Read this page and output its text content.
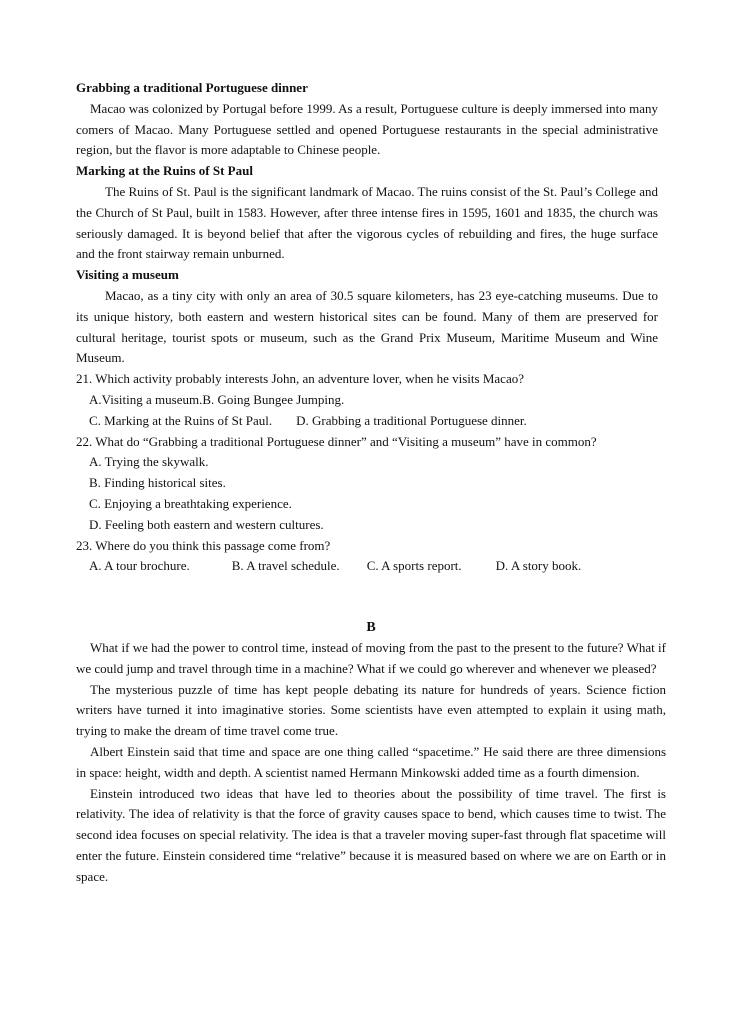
Grabbing a traditional Portuguese dinner

Macao was colonized by Portugal before 1999. As a result, Portuguese culture is deeply immersed into many comers of Macao. Many Portuguese settled and opened Portuguese restaurants in the special administrative region, but the flavor is more adaptable to Chinese people.

Marking at the Ruins of St Paul

The Ruins of St. Paul is the significant landmark of Macao. The ruins consist of the St. Paul’s College and the Church of St Paul, built in 1583. However, after three intense fires in 1595, 1601 and 1835, the church was seriously damaged. It is beyond belief that after the vigorous cycles of rebuilding and fires, the huge surface and the front stairway remain unburned.

Visiting a museum

Macao, as a tiny city with only an area of 30.5 square kilometers, has 23 eye-catching museums. Due to its unique history, both eastern and western historical sites can be found. Many of them are preserved for cultural heritage, tourist spots or museum, such as the Grand Prix Museum, Maritime Museum and Wine Museum.

21. Which activity probably interests John, an adventure lover, when he visits Macao?

A.Visiting a museum.B. Going Bungee Jumping.

C. Marking at the Ruins of St Paul. D. Grabbing a traditional Portuguese dinner.

22. What do “Grabbing a traditional Portuguese dinner” and “Visiting a museum” have in common?

A. Trying the skywalk.

B. Finding historical sites.

C. Enjoying a breathtaking experience.

D. Feeling both eastern and western cultures.

23. Where do you think this passage come from?

A. A tour brochure.	B. A travel schedule. C. A sports report.	D. A story book.

B

What if we had the power to control time, instead of moving from the past to the present to the future? What if we could jump and travel through time in a machine? What if we could go wherever and whenever we pleased?

The mysterious puzzle of time has kept people debating its nature for hundreds of years. Science fiction writers have turned it into imaginative stories. Some scientists have even attempted to explain it using math, trying to make the dream of time travel come true.

Albert Einstein said that time and space are one thing called “spacetime.” He said there are three dimensions in space: height, width and depth. A scientist named Hermann Minkowski added time as a fourth dimension.

Einstein introduced two ideas that have led to theories about the possibility of time travel. The first is relativity. The idea of relativity is that the force of gravity causes space to bend, which causes time to twist. The second idea focuses on special relativity. The idea is that a traveler moving super-fast through flat spacetime will enter the future. Einstein considered time “relative” because it is measured based on where we are on Earth or in space.
